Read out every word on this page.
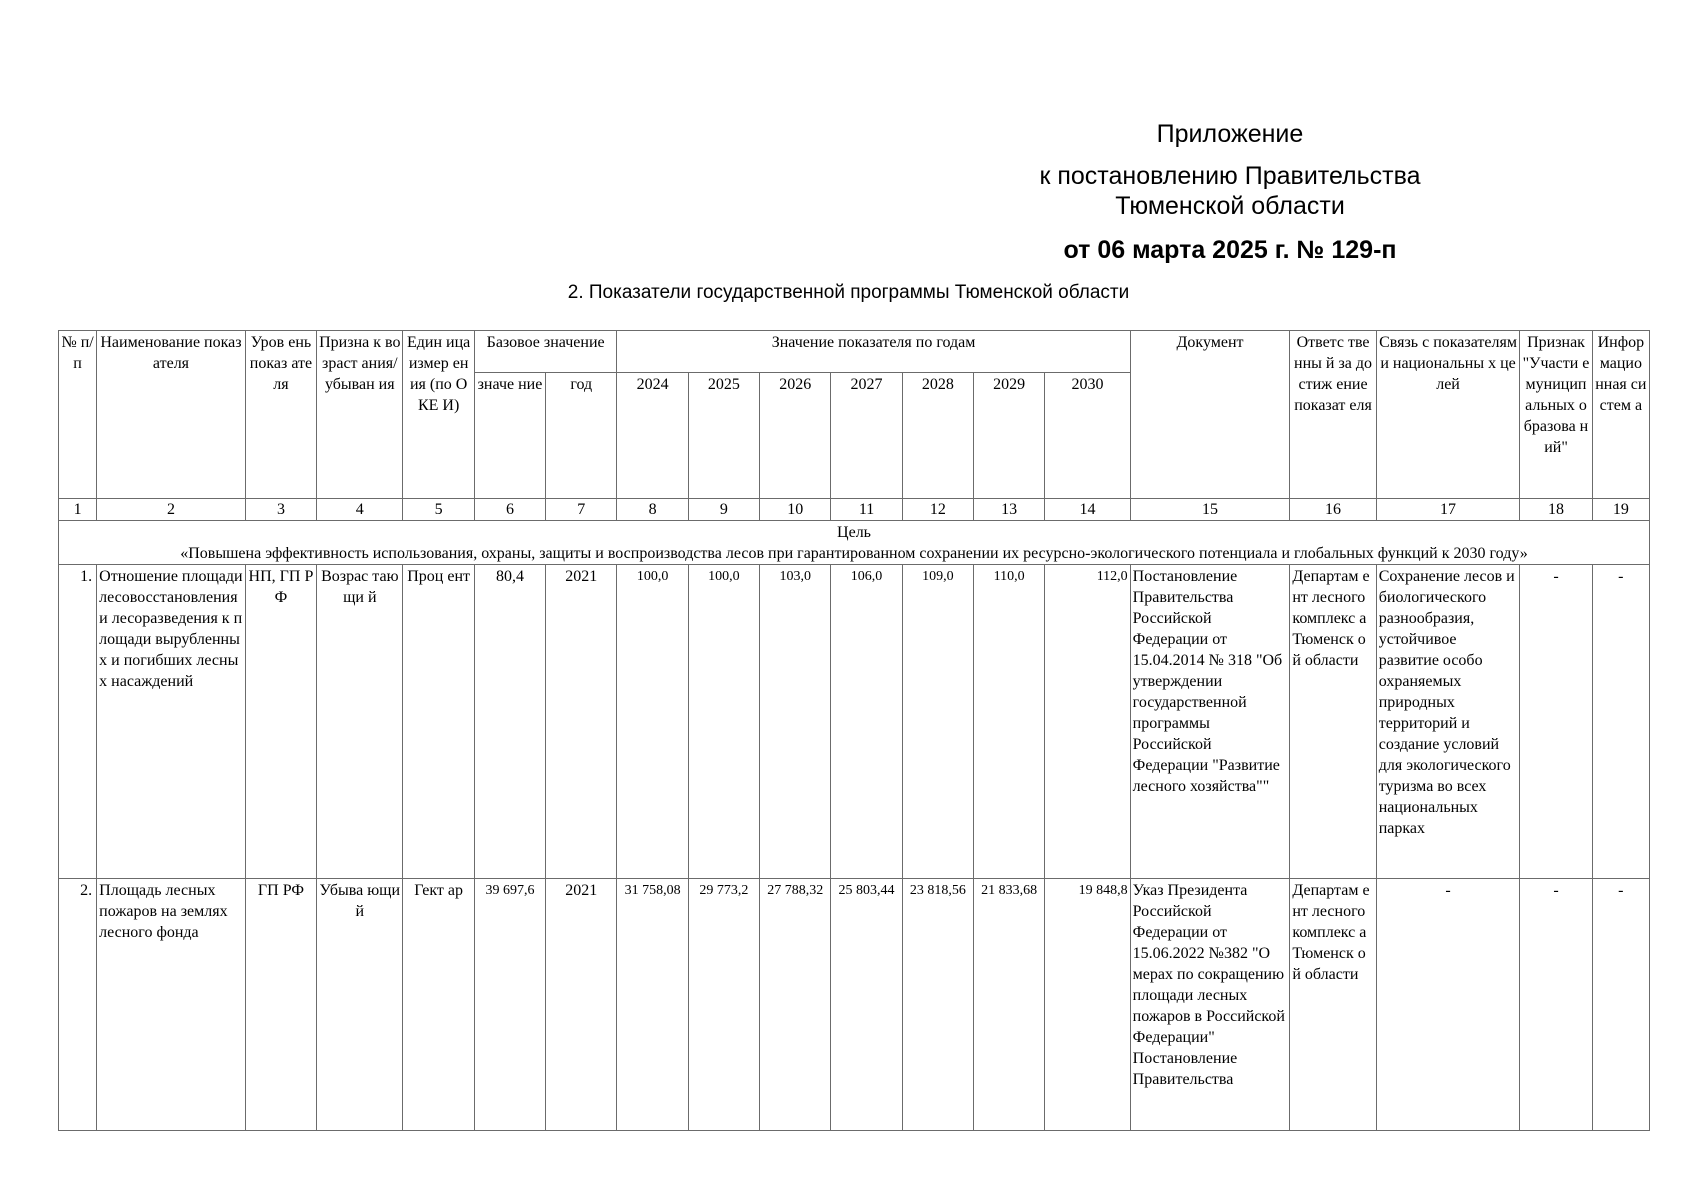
Приложение
к постановлению Правительства Тюменской области
от 06 марта 2025 г. № 129-п
2. Показатели государственной программы Тюменской области
№ п/ п	Наименование показателя	Уров ень показ ателя	Призна к возраст ания/ убыван ия	Един ица измер ения (по ОКЕ И)	Базовое значение		Значение показателя по годам							Документ	Ответс твенны й за достиж ение показат еля	Связь с показателями национальны х целей	Признак "Участи е муницип альных образова ний"	Инфор мацио нная систем а
					значе ние	год	2024	2025	2026	2027	2028	2029	2030					
1	2	3	4	5	6	7	8	9	10	11	12	13	14	15	16	17	18	19

Цель
«Повышена эффективность использования, охраны, защиты и воспроизводства лесов при гарантированном сохранении их ресурсно-экологического потенциала и глобальных функций к 2030 году»																		

1.	Отношение площади лесовосстановления и лесоразведения к площади вырубленных и погибших лесных насаждений	НП, ГП РФ	Возрас тающи й	Проц ент	80,4	2021	100,0	100,0	103,0	106,0	109,0	110,0	112,0	Постановление Правительства Российской Федерации от 15.04.2014 № 318 "Об утверждении государственной программы Российской Федерации "Развитие лесного хозяйства""	Департам ент лесного комплекс а Тюменск ой области	Сохранение лесов и биологического разнообразия, устойчивое развитие особо охраняемых природных территорий и создание условий для экологического туризма во всех национальных парках	-	-
2.	Площадь лесных пожаров на землях лесного фонда	ГП РФ	Убыва ющий	Гект ар	39 697,6	2021	31 758,08	29 773,2	27 788,32	25 803,44	23 818,56	21 833,68	19 848,8	Указ Президента Российской Федерации от 15.06.2022 №382 "О мерах по сокращению площади лесных пожаров в Российской Федерации" Постановление Правительства	Департам ент лесного комплекс а Тюменск ой области	-	-	-
